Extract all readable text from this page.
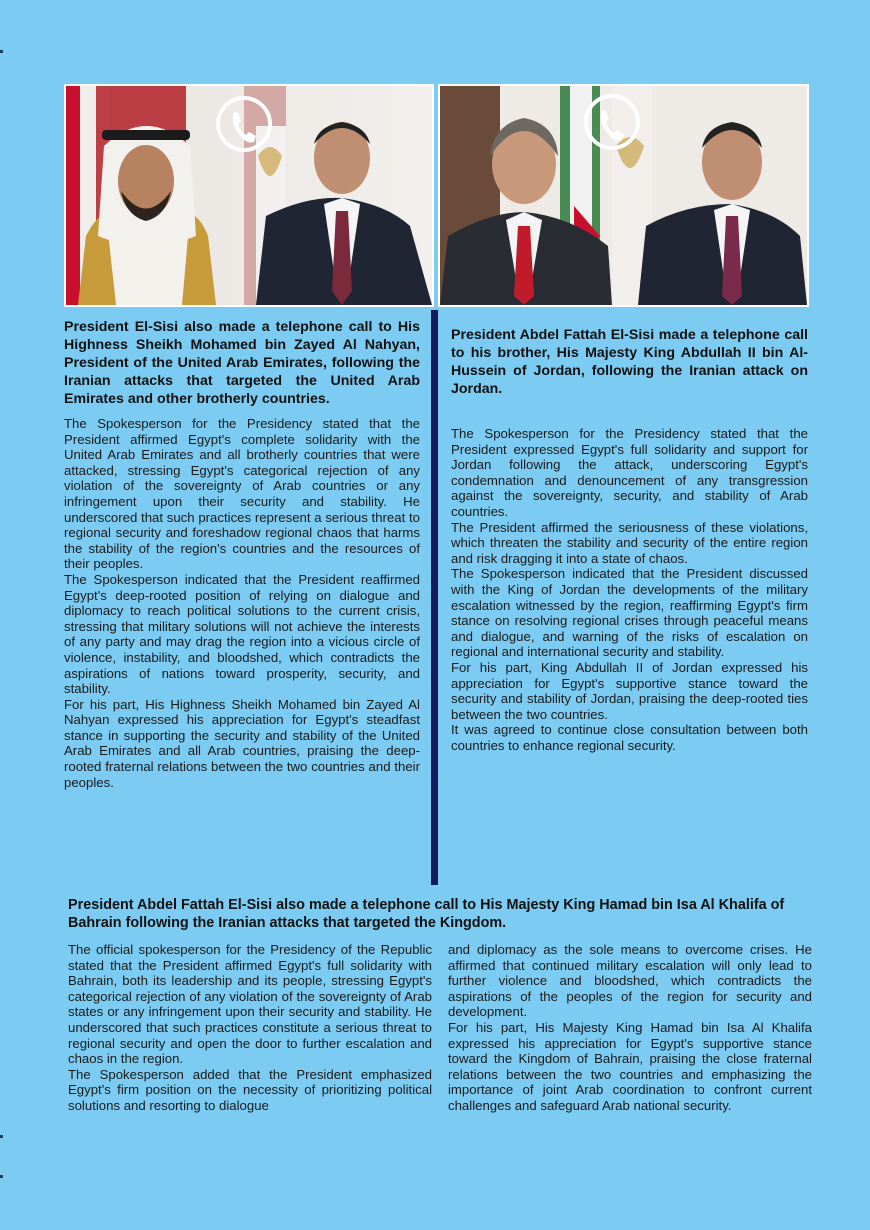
President El-Sisi also made a telephone call to His Highness Sheikh Mohamed bin Zayed Al Nahyan, President of the United Arab Emirates, following the Iranian attacks that targeted the United Arab Emirates and other brotherly countries.

The Spokesperson for the Presidency stated that the President affirmed Egypt's complete solidarity with the United Arab Emirates and all brotherly countries that were attacked, stressing Egypt's categorical rejection of any violation of the sovereignty of Arab countries or any infringement upon their security and stability. He underscored that such practices represent a serious threat to regional security and foreshadow regional chaos that harms the stability of the region's countries and the resources of their peoples.

The Spokesperson indicated that the President reaffirmed Egypt's deep-rooted position of relying on dialogue and diplomacy to reach political solutions to the current crisis, stressing that military solutions will not achieve the interests of any party and may drag the region into a vicious circle of violence, instability, and bloodshed, which contradicts the aspirations of nations toward prosperity, security, and stability.

For his part, His Highness Sheikh Mohamed bin Zayed Al Nahyan expressed his appreciation for Egypt's steadfast stance in supporting the security and stability of the United Arab Emirates and all Arab countries, praising the deep-rooted fraternal relations between the two countries and their peoples.

President Abdel Fattah El-Sisi made a telephone call to his brother, His Majesty King Abdullah II bin Al-Hussein of Jordan, following the Iranian attack on Jordan.

The Spokesperson for the Presidency stated that the President expressed Egypt's full solidarity and support for Jordan following the attack, underscoring Egypt's condemnation and denouncement of any transgression against the sovereignty, security, and stability of Arab countries.

The President affirmed the seriousness of these violations, which threaten the stability and security of the entire region and risk dragging it into a state of chaos.

The Spokesperson indicated that the President discussed with the King of Jordan the developments of the military escalation witnessed by the region, reaffirming Egypt's firm stance on resolving regional crises through peaceful means and dialogue, and warning of the risks of escalation on regional and international security and stability.

For his part, King Abdullah II of Jordan expressed his appreciation for Egypt's supportive stance toward the security and stability of Jordan, praising the deep-rooted ties between the two countries.

It was agreed to continue close consultation between both countries to enhance regional security.

President Abdel Fattah El-Sisi also made a telephone call to His Majesty King Hamad bin Isa Al Khalifa of Bahrain following the Iranian attacks that targeted the Kingdom.

The official spokesperson for the Presidency of the Republic stated that the President affirmed Egypt's full solidarity with Bahrain, both its leadership and its people, stressing Egypt's categorical rejection of any violation of the sovereignty of Arab states or any infringement upon their security and stability. He underscored that such practices constitute a serious threat to regional security and open the door to further escalation and chaos in the region.

The Spokesperson added that the President emphasized Egypt's firm position on the necessity of prioritizing political solutions and resorting to dialogue

and diplomacy as the sole means to overcome crises. He affirmed that continued military escalation will only lead to further violence and bloodshed, which contradicts the aspirations of the peoples of the region for security and development.

For his part, His Majesty King Hamad bin Isa Al Khalifa expressed his appreciation for Egypt's supportive stance toward the Kingdom of Bahrain, praising the close fraternal relations between the two countries and emphasizing the importance of joint Arab coordination to confront current challenges and safeguard Arab national security.
